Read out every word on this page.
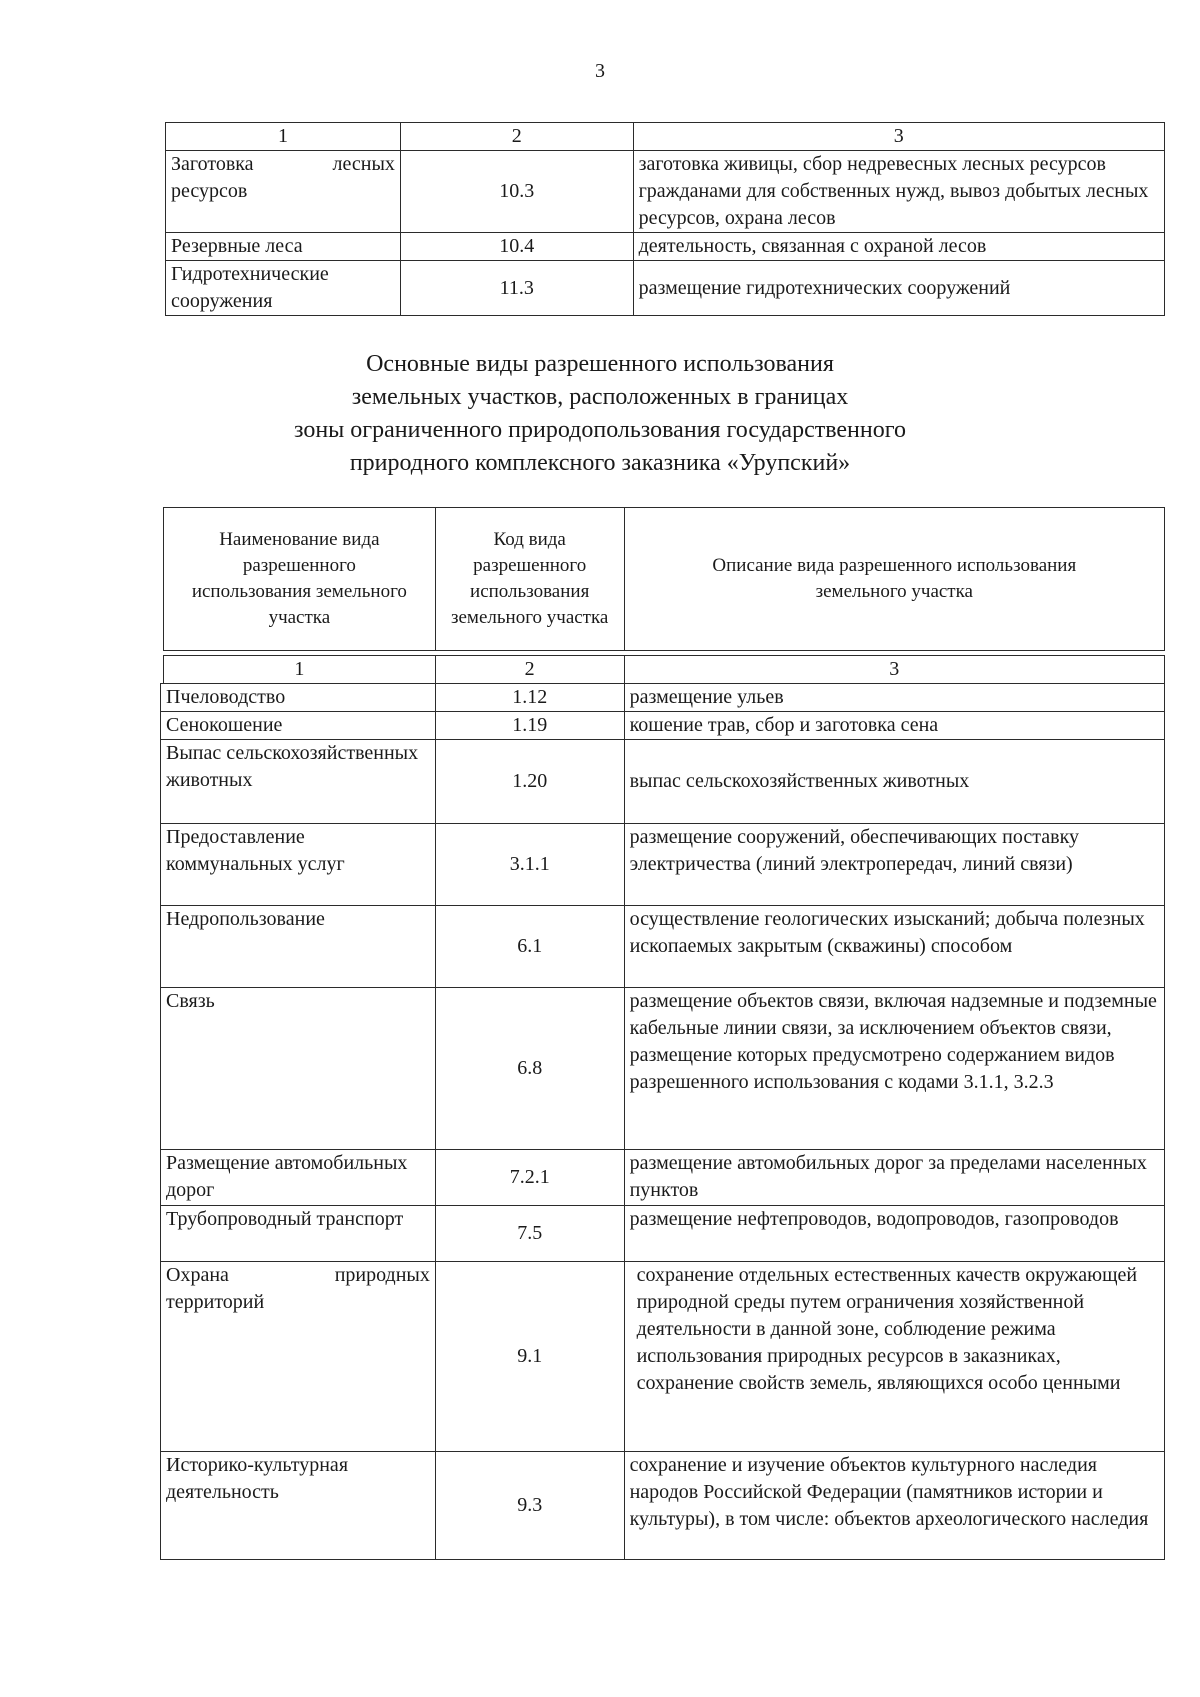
3
1	2	3
Заготовка лесных ресурсов	10.3	заготовка живицы, сбор недревесных лесных ресурсов гражданами для собственных нужд, вывоз добытых лесных ресурсов, охрана лесов
Резервные леса	10.4	деятельность, связанная с охраной лесов
Гидротехнические сооружения	11.3	размещение гидротехнических сооружений
Основные виды разрешенного использования
земельных участков, расположенных в границах
зоны ограниченного природопользования государственного
природного комплексного заказника «Урупский»
Наименование вида разрешенного использования земельного участка	Код вида разрешенного использования земельного участка	Описание вида разрешенного использования земельного участка
1	2	3
Пчеловодство	1.12	размещение ульев
Сенокошение	1.19	кошение трав, сбор и заготовка сена
Выпас сельскохозяйственных животных	1.20	выпас сельскохозяйственных животных
Предоставление коммунальных услуг	3.1.1	размещение сооружений, обеспечивающих поставку электричества (линий электропередач, линий связи)
Недропользование	6.1	осуществление геологических изысканий; добыча полезных ископаемых закрытым (скважины) способом
Связь	6.8	размещение объектов связи, включая надземные и подземные кабельные линии связи, за исключением объектов связи, размещение которых предусмотрено содержанием видов разрешенного использования с кодами 3.1.1, 3.2.3
Размещение автомобильных дорог	7.2.1	размещение автомобильных дорог за пределами населенных пунктов
Трубопроводный транспорт	7.5	размещение нефтепроводов, водопроводов, газопроводов
Охрана природных территорий	9.1	сохранение отдельных естественных качеств окружающей природной среды путем ограничения хозяйственной деятельности в данной зоне, соблюдение режима использования природных ресурсов в заказниках, сохранение свойств земель, являющихся особо ценными
Историко-культурная деятельность	9.3	сохранение и изучение объектов культурного наследия народов Российской Федерации (памятников истории и культуры), в том числе: объектов археологического наследия
